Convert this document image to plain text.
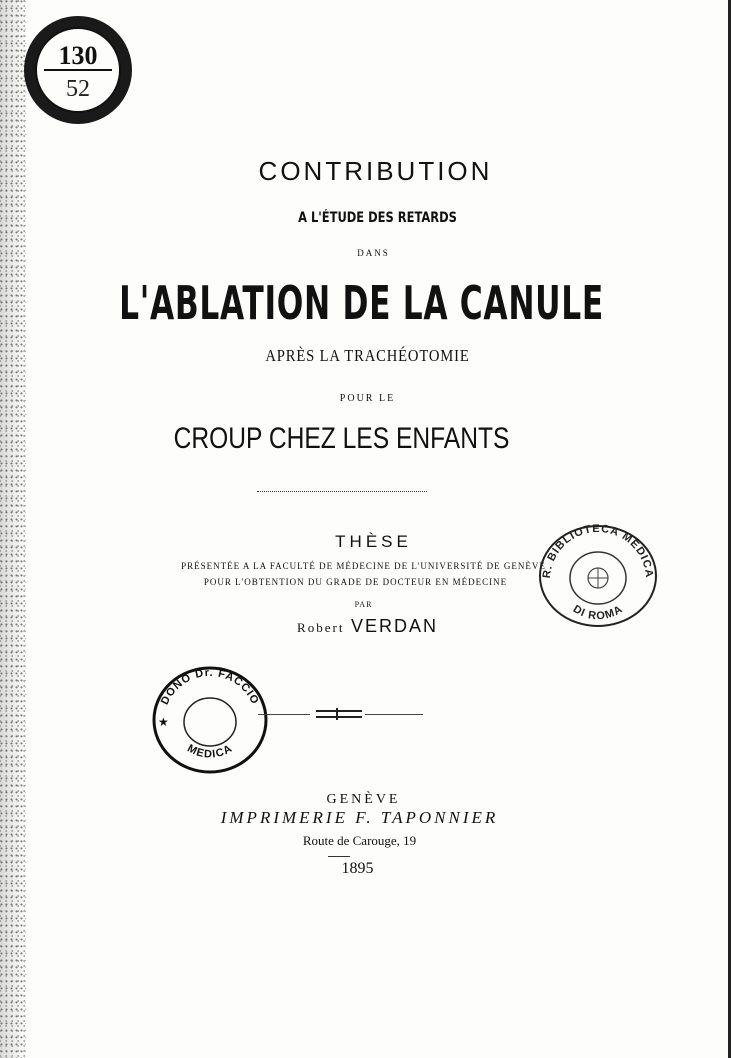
130
52
CONTRIBUTION
A L'ÉTUDE DES RETARDS
DANS
L'ABLATION DE LA CANULE
APRÈS LA TRACHÉOTOMIE
POUR LE
CROUP CHEZ LES ENFANTS
THÈSE
PRÉSENTÉE A LA FACULTÉ DE MÉDECINE DE L'UNIVERSITÉ DE GENÈVE
POUR L'OBTENTION DU GRADE DE DOCTEUR EN MÉDECINE
PAR
Robert VERDAN
R. BIBLIOTECA MEDICA
DI ROMA
DONO Dr. FACCIO
MEDICA
★
GENÈVE
IMPRIMERIE F. TAPONNIER
Route de Carouge, 19
1895
